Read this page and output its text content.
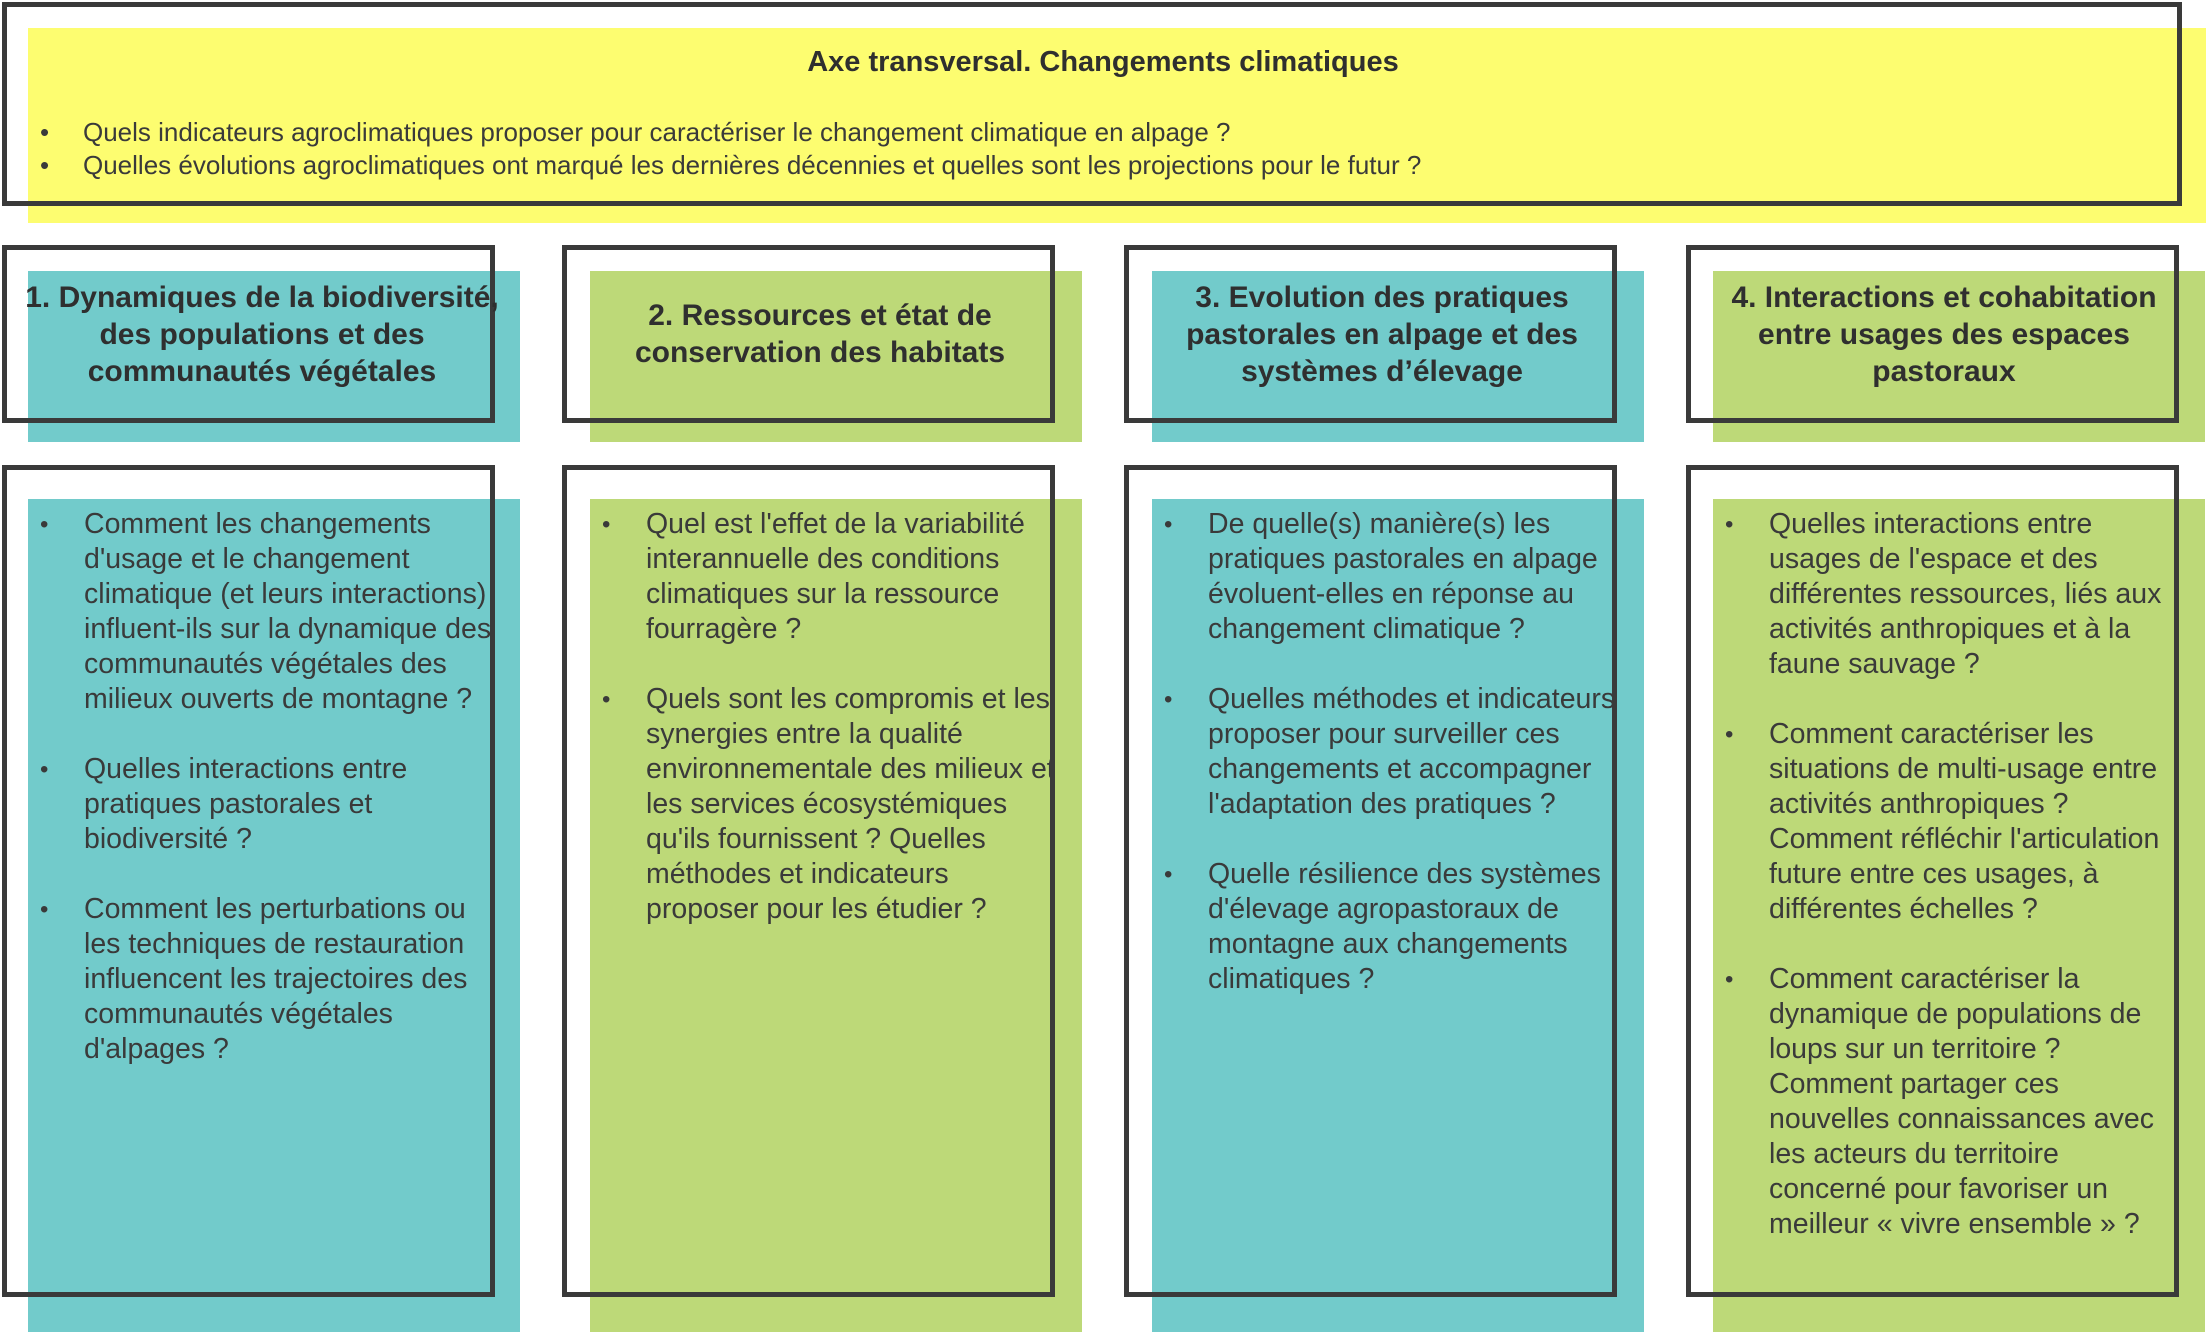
Axe transversal. Changements climatiques
• Quels indicateurs agroclimatiques proposer pour caractériser le changement climatique en alpage ?
• Quelles évolutions agroclimatiques ont marqué les dernières décennies et quelles sont les projections pour le futur ?
1. Dynamiques de la biodiversité, des populations et des communautés végétales
• Comment les changements d'usage et le changement climatique (et leurs interactions) influent-ils sur la dynamique des communautés végétales des milieux ouverts de montagne ?
• Quelles interactions entre pratiques pastorales et biodiversité ?
• Comment les perturbations ou les techniques de restauration influencent les trajectoires des communautés végétales d'alpages ?
2. Ressources et état de conservation des habitats
• Quel est l'effet de la variabilité interannuelle des conditions climatiques sur la ressource fourragère ?
• Quels sont les compromis et les synergies entre la qualité environnementale des milieux et les services écosystémiques qu'ils fournissent ? Quelles méthodes et indicateurs proposer pour les étudier ?
3. Evolution des pratiques pastorales en alpage et des systèmes d’élevage
• De quelle(s) manière(s) les pratiques pastorales en alpage évoluent-elles en réponse au changement climatique ?
• Quelles méthodes et indicateurs proposer pour surveiller ces changements et accompagner l'adaptation des pratiques ?
• Quelle résilience des systèmes d'élevage agropastoraux de montagne aux changements climatiques ?
4. Interactions et cohabitation entre usages des espaces pastoraux
• Quelles interactions entre usages de l'espace et des différentes ressources, liés aux activités anthropiques et à la faune sauvage ?
• Comment caractériser les situations de multi-usage entre activités anthropiques ? Comment réfléchir l'articulation future entre ces usages, à différentes échelles ?
• Comment caractériser la dynamique de populations de loups sur un territoire ? Comment partager ces nouvelles connaissances avec les acteurs du territoire concerné pour favoriser un meilleur « vivre ensemble » ?
